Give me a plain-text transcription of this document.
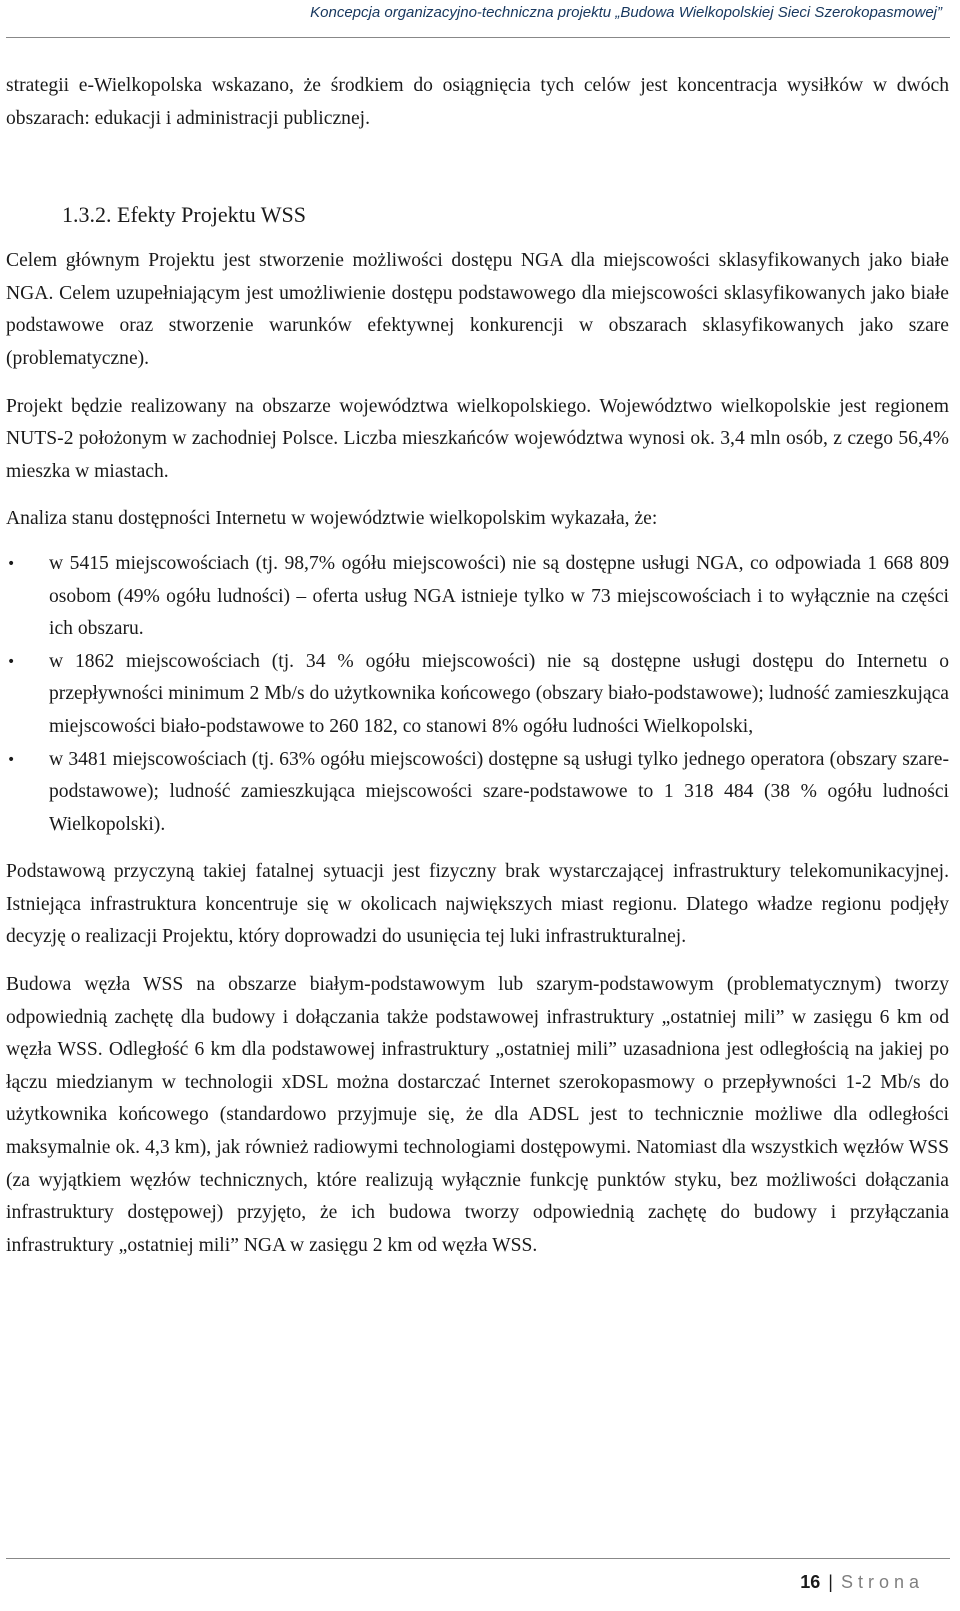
Koncepcja organizacyjno-techniczna projektu „Budowa Wielkopolskiej Sieci Szerokopasmowej”

strategii e-Wielkopolska wskazano, że środkiem do osiągnięcia tych celów jest koncentracja wysiłków w dwóch obszarach: edukacji i administracji publicznej.

1.3.2. Efekty Projektu WSS

Celem głównym Projektu jest stworzenie możliwości dostępu NGA dla miejscowości sklasyfikowanych jako białe NGA. Celem uzupełniającym jest umożliwienie dostępu podstawowego dla miejscowości sklasyfikowanych jako białe podstawowe oraz stworzenie warunków efektywnej konkurencji w obszarach sklasyfikowanych jako szare (problematyczne).

Projekt będzie realizowany na obszarze województwa wielkopolskiego. Województwo wielkopolskie jest regionem NUTS-2 położonym w zachodniej Polsce. Liczba mieszkańców województwa wynosi ok. 3,4 mln osób, z czego 56,4% mieszka w miastach.

Analiza stanu dostępności Internetu w województwie wielkopolskim wykazała, że:

• w 5415 miejscowościach (tj. 98,7% ogółu miejscowości) nie są dostępne usługi NGA, co odpowiada 1 668 809 osobom (49% ogółu ludności) – oferta usług NGA istnieje tylko w 73 miejscowościach i to wyłącznie na części ich obszaru.
• w 1862 miejscowościach (tj. 34 % ogółu miejscowości) nie są dostępne usługi dostępu do Internetu o przepływności minimum 2 Mb/s do użytkownika końcowego (obszary biało-podstawowe); ludność zamieszkująca miejscowości biało-podstawowe to 260 182, co stanowi 8% ogółu ludności Wielkopolski,
• w 3481 miejscowościach (tj. 63% ogółu miejscowości) dostępne są usługi tylko jednego operatora (obszary szare-podstawowe); ludność zamieszkująca miejscowości szare-podstawowe to 1 318 484 (38 % ogółu ludności Wielkopolski).

Podstawową przyczyną takiej fatalnej sytuacji jest fizyczny brak wystarczającej infrastruktury telekomunikacyjnej. Istniejąca infrastruktura koncentruje się w okolicach największych miast regionu. Dlatego władze regionu podjęły decyzję o realizacji Projektu, który doprowadzi do usunięcia tej luki infrastrukturalnej.

Budowa węzła WSS na obszarze białym-podstawowym lub szarym-podstawowym (problematycznym) tworzy odpowiednią zachętę dla budowy i dołączania także podstawowej infrastruktury „ostatniej mili” w zasięgu 6 km od węzła WSS. Odległość 6 km dla podstawowej infrastruktury „ostatniej mili” uzasadniona jest odległością na jakiej po łączu miedzianym w technologii xDSL można dostarczać Internet szerokopasmowy o przepływności 1-2 Mb/s do użytkownika końcowego (standardowo przyjmuje się, że dla ADSL jest to technicznie możliwe dla odległości maksymalnie ok. 4,3 km), jak również radiowymi technologiami dostępowymi. Natomiast dla wszystkich węzłów WSS (za wyjątkiem węzłów technicznych, które realizują wyłącznie funkcję punktów styku, bez możliwości dołączania infrastruktury dostępowej) przyjęto, że ich budowa tworzy odpowiednią zachętę do budowy i przyłączania infrastruktury „ostatniej mili” NGA w zasięgu 2 km od węzła WSS.

16 | Strona
